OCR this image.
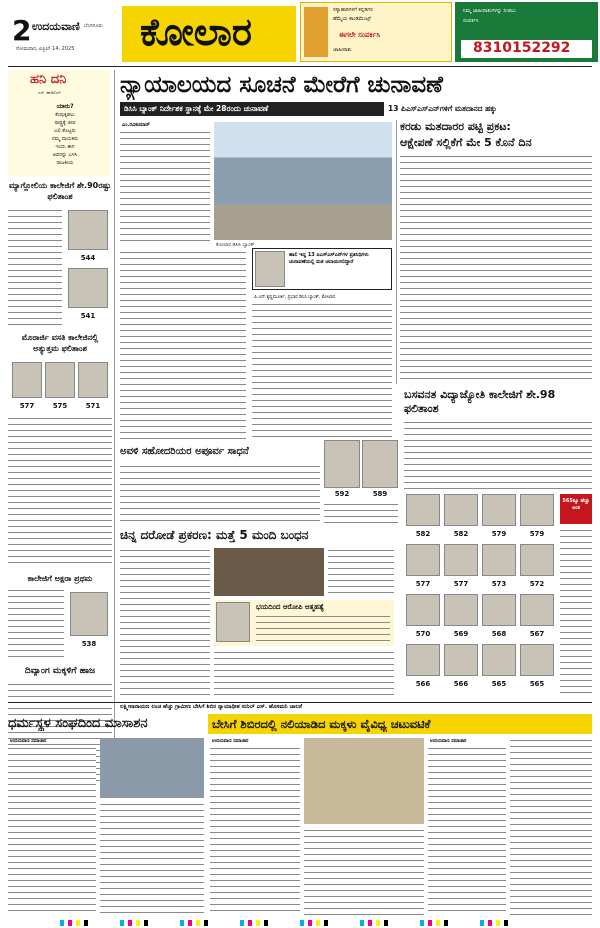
2 ಉದಯವಾಣಿ ಬೆಂಗಳೂರು
ಸೋಮವಾರ, ಏಪ್ರಿಲ್ 14, 2025 ಕೋಲಾರ	ಸಸ್ಯಾಹಾರಿಗಳಿಗೆ ಕನ್ನಡಿಗರ
ಹೆಮ್ಮೆಯ ಕಾಂಡಿಮೆಂಟ್ಸ್
ಈಗಲೇ ಸಂಪರ್ಕಿಸಿ
ಜಾಹೀರಾತು
ನಿಮ್ಮ ಜಾಹೀರಾತುಗಳನ್ನು ನೀಡಲು
ಸಂಪರ್ಕಿಸಿ
8310152292
ಹನಿ ದನಿ
ಎಸ್. ಹಾಡಿಲಿಂಗ್
ಯಾರು?
ಕೆಂಪುಕ್ಕಿಡಲು
ರಾಷ್ಟ್ರಕ್ಕೆ ಜೀವ
ಬಲಿ ಕೊಟ್ಟರು
ನಮ್ಮ ನಾಯಕರು
ಇಂದು ಈಗ
ಅವರನ್ನು ಬಳಸಿ
ರಾಜಕೀಯ
ಮ್ಯಾಗ್ಲೋಲಿಯ ಕಾಲೇಜಿಗೆ ಶೇ.90ರಷ್ಟು ಫಲಿತಾಂಶ
544
541
ಮೊರಾರ್ಜಿ ವಸತಿ ಕಾಲೇಜಿನಲ್ಲಿ ಅತ್ಯುತ್ತಮ ಫಲಿತಾಂಶ
577	575	571
ಕಾಲೇಜಿಗೆ ಅಕ್ಷರಾ ಪ್ರಥಮ
538
ದಿವ್ಯಾಂಗ ಮಕ್ಕಳಿಗೆ ಹಾಜ
ನ್ಯಾಯಾಲಯದ ಸೂಚನೆ ಮೇರೆಗೆ ಚುನಾವಣೆ
ಡಿಸಿಸಿ ಬ್ಯಾಂಕ್ ನಿರ್ದೇಶಕ ಸ್ಥಾನಕ್ಕೆ ಮೇ 28ರಂದು ಚುನಾವಣೆ	13 ಪಿಎಸ್ಎಸ್ಎನ್‌ಗಳಿಗೆ ಮತದಾನದ ಹಕ್ಕು
ಎಂ.ರವಿಕುಮಾರ್
ಕೋಲಾರ ಡಿಸಿಸಿ ಬ್ಯಾಂಕ್
ಹಾಲಿ ಇದ್ದ 13 ಪಿಎಸ್ಎಸ್ಎನ್‌ಗಳ ಪ್ರತಿನಿಧಿಗಳು ಚುನಾವಣೆಯಲ್ಲಿ ಮತ ಚಲಾಯಿಸಲಿದ್ದಾರೆ
ಪಿ.ಎನ್.ಕೃಷ್ಣಮೂರ್ತಿ, ಪ್ರಭಾರ ಡಿಸಿಸಿ ಬ್ಯಾಂಕ್, ಕೋಲಾರ
ಕರಡು ಮತದಾರರ ಪಟ್ಟಿ ಪ್ರಕಟ:
ಆಕ್ಷೇಪಣೆ ಸಲ್ಲಿಕೆಗೆ ಮೇ 5 ಕೊನೆ ದಿನ
ಅವಳಿ ಸಹೋದರಿಯರ ಅಪೂರ್ವ ಸಾಧನೆ
592	589
ಚಿನ್ನ ದರೋಡೆ ಪ್ರಕರಣ: ಮತ್ತೆ 5 ಮಂದಿ ಬಂಧನ
ಭಯದಿಂದ ಆರೋಪಿ ಆತ್ಮಹತ್ಯೆ
ಬಸವನತ ವಿದ್ಯಾಜ್ಯೋತಿ ಕಾಲೇಜಿಗೆ ಶೇ.98 ಫಲಿತಾಂಶ
565ಕ್ಕೂ ಹೆಚ್ಚು ಅಂಕ
582	582	579	579
577	577	573	572
570	569	568	567
566	566	565	565
ಲಕ್ಷ್ಮೀನಾರಾಯಣ ಲಂಚ ಹೆಚ್ಚು ಗ್ರಾಮೀಣ ಬೇಸಿಗೆ ಶಿಬಿರ ನ್ಯಾಯಾಧೀಶ ಸುನಿಲ್ ಎಸ್. ಹೊಸಮನಿ ಚಾಲನೆ
ಧರ್ಮಸ್ಥಳ ಸಂಘದಿಂದ ಮಾಸಾಶನ	ಬೇಸಿಗೆ ಶಿಬಿರದಲ್ಲಿ ನಲಿಯಾಡಿದ ಮಕ್ಕಳು ವೈವಿಧ್ಯ ಚಟುವಟಿಕೆ
ಉದಯವಾಣಿ ಸಮಾಚಾರ	ಉದಯವಾಣಿ ಸಮಾಚಾರ	ಉದಯವಾಣಿ ಸಮಾಚಾರ
